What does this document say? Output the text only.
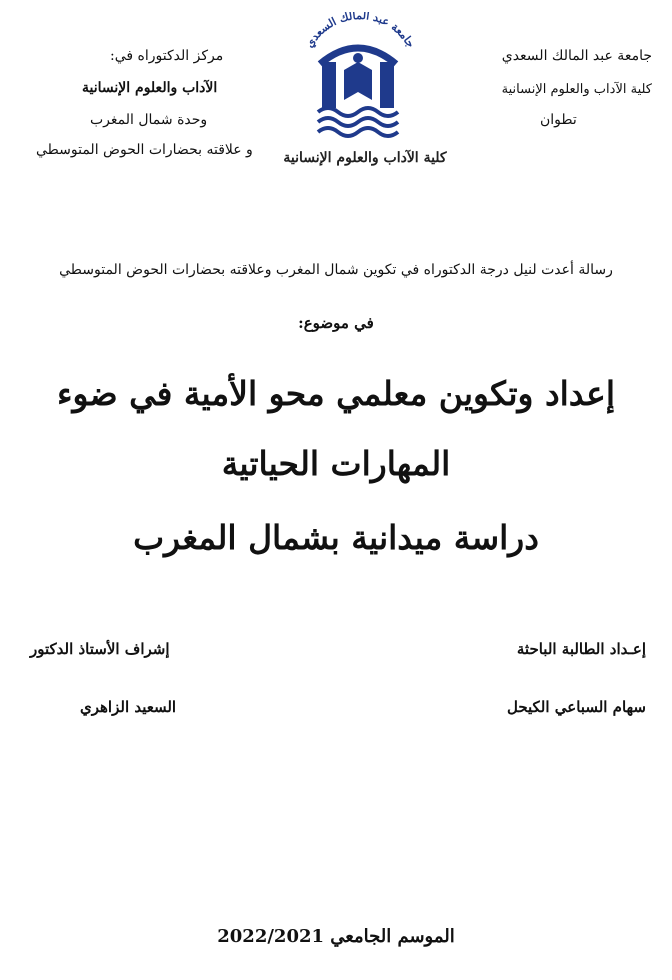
جامعة عبد المالك السعدي
كلية الآداب والعلوم الإنسانية
تطوان
مركز الدكتوراه في:
الآداب والعلوم الإنسانية
وحدة شمال المغرب
و علاقته بحضارات الحوض المتوسطي
جامعة عبد المالك السعدي
كلية الآداب والعلوم الإنسانية
رسالة أعدت لنيل درجة الدكتوراه في تكوين شمال المغرب وعلاقته بحضارات الحوض المتوسطي
في موضوع:
إعداد وتكوين معلمي محو الأمية في ضوء
المهارات الحياتية
دراسة ميدانية بشمال المغرب
إعـداد الطالبة الباحثة
سهام السباعي الكيحل
إشراف الأستاذ الدكتور
السعيد الزاهري
الموسم الجامعي 2022/2021
